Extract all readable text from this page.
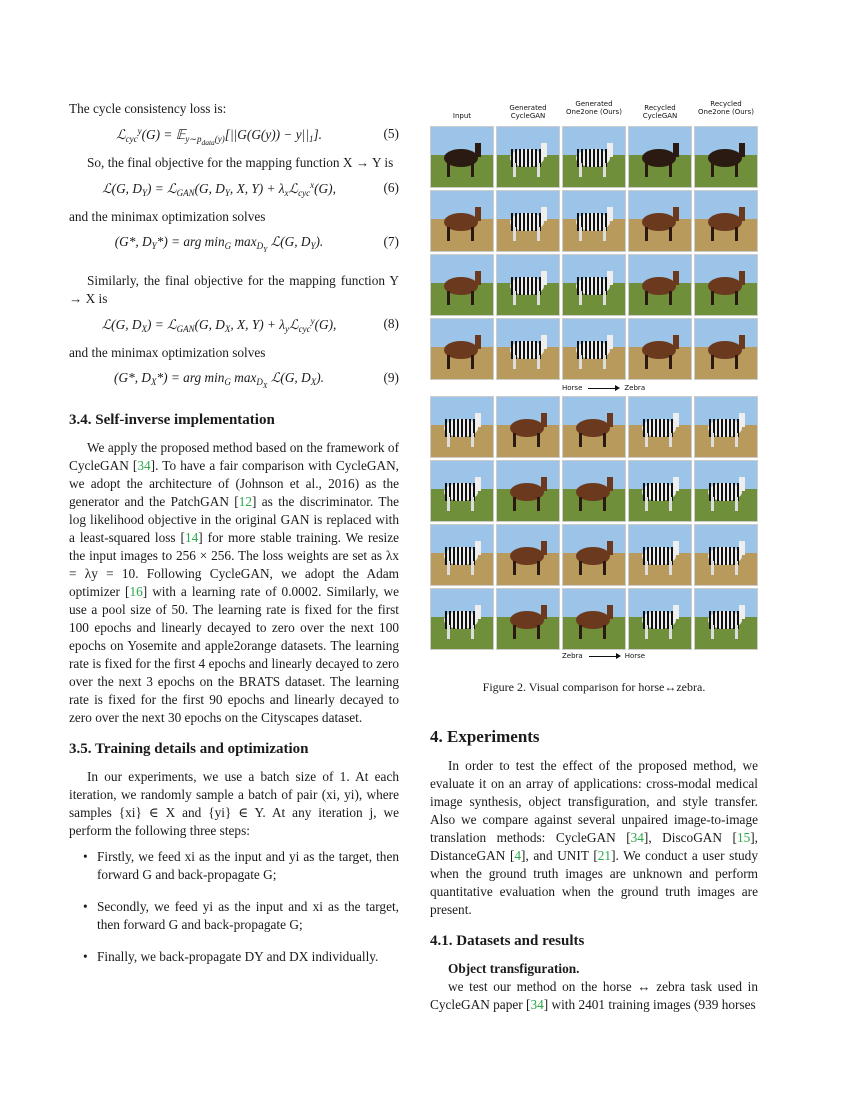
The cycle consistency loss is:

ℒ$_{cyc}^y$(G) = 𝔼$_{y\sim p_{data}(y)}$[||G(G(y)) − $y||_1$].	(5)

So, the final objective for the mapping function X → Y is

ℒ(G, $D_Y$) = ℒ$_{GAN}$(G, $D_Y$, X, $Y) + \lambda_xℒ_{cyc}^x(G)$,	(6)

and the minimax optimization solves

(G*, $D_Y*$) = arg $\min_G \max_{D_Y}$ ℒ(G, $D_Y$).	(7)

Similarly, the final objective for the mapping function Y → X is

ℒ(G, $D_X$) = ℒ$_{GAN}$(G, $D_X$, X, $Y) + \lambda_yℒ_{cyc}^y(G)$,	(8)

and the minimax optimization solves

(G*, $D_X*$) = arg $\min_G \max_{D_X}$ ℒ(G, $D_X$).	(9)
3.4. Self-inverse implementation

We apply the proposed method based on the framework of CycleGAN [34]. To have a fair comparison with CycleGAN, we adopt the architecture of (Johnson et al., 2016) as the generator and the PatchGAN [12] as the discriminator. The log likelihood objective in the original GAN is replaced with a least-squared loss [14] for more stable training. We resize the input images to 256 × 256. The loss weights are set as λx = λy = 10. Following CycleGAN, we adopt the Adam optimizer [16] with a learning rate of 0.0002. Similarly, we use a pool size of 50. The learning rate is fixed for the first 100 epochs and linearly decayed to zero over the next 100 epochs on Yosemite and apple2orange datasets. The learning rate is fixed for the first 4 epochs and linearly decayed to zero over the next 3 epochs on the BRATS dataset. The learning rate is fixed for the first 90 epochs and linearly decayed to zero over the next 30 epochs on the Cityscapes dataset.

3.5. Training details and optimization

In our experiments, we use a batch size of 1. At each iteration, we randomly sample a batch of pair (xi, yi), where samples {xi} ∈ X and {yi} ∈ Y. At any iteration j, we perform the following three steps:

• Firstly, we feed xi as the input and yi as the target, then forward G and back-propagate G;
• Secondly, we feed yi as the input and xi as the target, then forward G and back-propagate G;
• Finally, we back-propagate DY and DX individually.
Input
Generated CycleGAN
Generated One2one (Ours)	Recycled CycleGAN
Recycled One2one (Ours)
Horse	Zebra
Zebra	Horse
Figure 2. Visual comparison for horse↔zebra.
4. Experiments

In order to test the effect of the proposed method, we evaluate it on an array of applications: cross-modal medical image synthesis, object transfiguration, and style transfer. Also we compare against several unpaired image-to-image translation methods: CycleGAN [34], DiscoGAN [15], DistanceGAN [4], and UNIT [21]. We conduct a user study when the ground truth images are unknown and perform quantitative evaluation when the ground truth images are present.

4.1. Datasets and results

Object transfiguration.

we test our method on the horse ↔ zebra task used in CycleGAN paper [34] with 2401 training images (939 horses
